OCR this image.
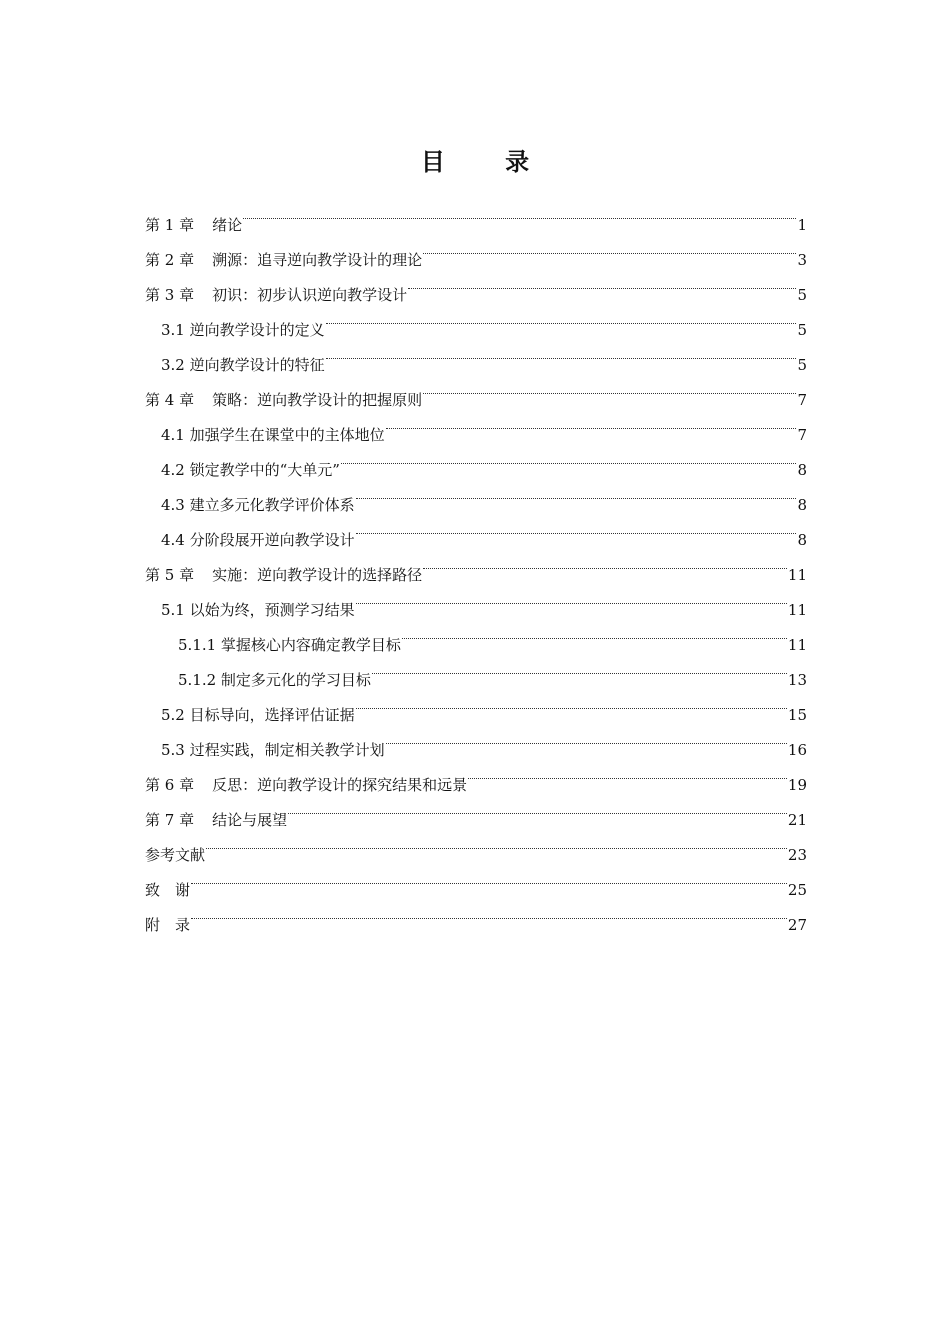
目 录
第 1 章 绪论	1
第 2 章 溯源：追寻逆向教学设计的理论	3
第 3 章 初识：初步认识逆向教学设计	5
3.1 逆向教学设计的定义	5
3.2 逆向教学设计的特征	5
第 4 章 策略：逆向教学设计的把握原则	7
4.1 加强学生在课堂中的主体地位	7
4.2 锁定教学中的“大单元”	8
4.3 建立多元化教学评价体系	8
4.4 分阶段展开逆向教学设计	8
第 5 章 实施：逆向教学设计的选择路径	11
5.1 以始为终，预测学习结果	11
5.1.1 掌握核心内容确定教学目标	11
5.1.2 制定多元化的学习目标	13
5.2 目标导向，选择评估证据	15
5.3 过程实践，制定相关教学计划	16
第 6 章 反思：逆向教学设计的探究结果和远景	19
第 7 章 结论与展望	21
参考文献	23
致　谢	25
附　录	27
